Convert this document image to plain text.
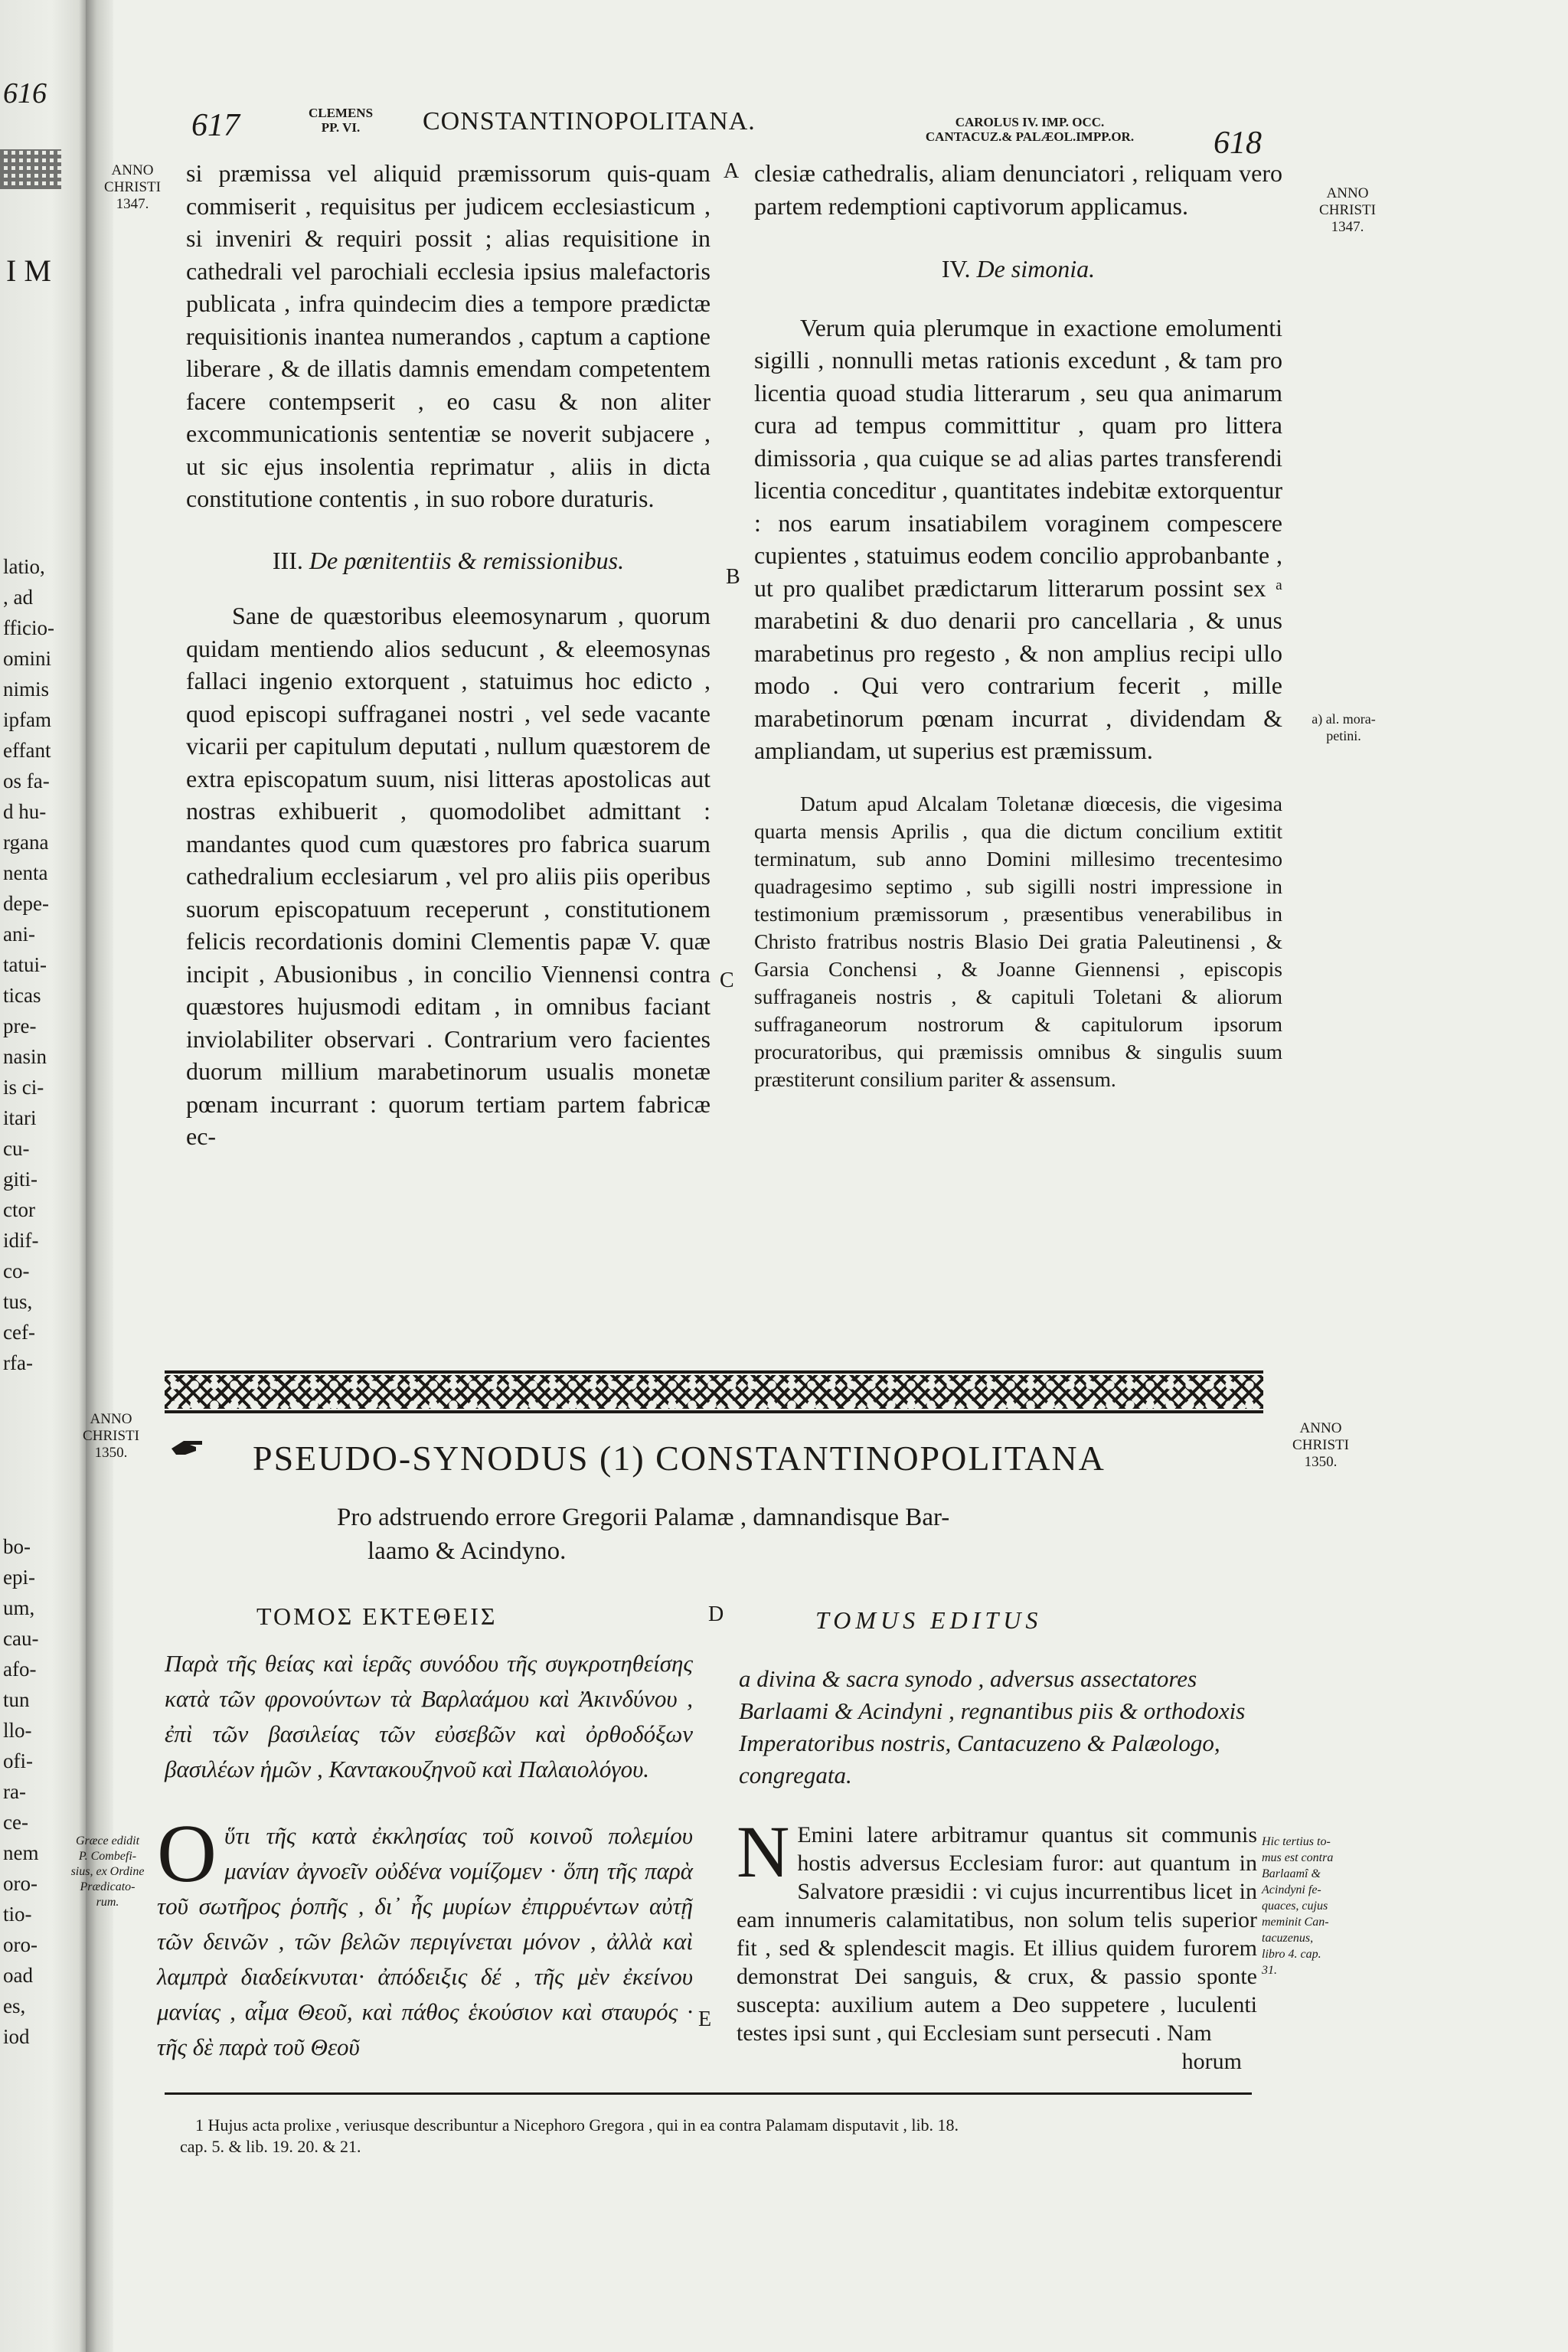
616
I M
latio,
, ad
fficio-
omini
nimis
ipfam
effant
os fa-
d hu-
rgana
nenta
depe-
ani-
tatui-
ticas
pre-
nasin
is ci-
itari
cu-
giti-
ctor
idif-
co-
tus,
cef-
rfa-
bo-
epi-
um,
cau-
afo-
tun
llo-
ofi-
ra-
ce-
nem
oro-
tio-
oro-
oad
es,
iod
617	CLEMENS
PP. VI.	CONSTANTINOPOLITANA.	CAROLUS IV. IMP. OCC.
CANTACUZ.& PALÆOL.IMPP.OR.	618
ANNO
CHRISTI
1347.
ANNO
CHRISTI
1347.
A
B
C

si præmissa vel aliquid præmissorum quis-quam commiserit , requisitus per judicem ecclesiasticum , si inveniri & requiri possit ; alias requisitione in cathedrali vel parochiali ecclesia ipsius malefactoris publicata , infra quindecim dies a tempore prædictæ requisitionis inantea numerandos , captum a captione liberare , & de illatis damnis emendam competentem facere contempserit , eo casu & non aliter excommunicationis sententiæ se noverit subjacere , ut sic ejus insolentia reprimatur , aliis in dicta constitutione contentis , in suo robore duraturis.

III. De pœnitentiis & remissionibus.

Sane de quæstoribus eleemosynarum , quorum quidam mentiendo alios seducunt , & eleemosynas fallaci ingenio extorquent , statuimus hoc edicto , quod episcopi suffraganei nostri , vel sede vacante vicarii per capitulum deputati , nullum quæstorem de extra episcopatum suum, nisi litteras apostolicas aut nostras exhibuerit , quomodolibet admittant : mandantes quod cum quæstores pro fabrica suarum cathedralium ecclesiarum , vel pro aliis piis operibus suorum episcopatuum receperunt , constitutionem felicis recordationis domini Clementis papæ V. quæ incipit , Abusionibus , in concilio Viennensi contra quæstores hujusmodi editam , in omnibus faciant inviolabiliter observari . Contrarium vero facientes duorum millium marabetinorum usualis monetæ pœnam incurrant : quorum tertiam partem fabricæ ec-

clesiæ cathedralis, aliam denunciatori , reliquam vero partem redemptioni captivorum applicamus.

IV. De simonia.

Verum quia plerumque in exactione emolumenti sigilli , nonnulli metas rationis excedunt , & tam pro licentia quoad studia litterarum , seu qua animarum cura ad tempus committitur , quam pro littera dimissoria , qua cuique se ad alias partes transferendi licentia conceditur , quantitates indebitæ extorquentur : nos earum insatiabilem voraginem compescere cupientes , statuimus eodem concilio approbanbante , ut pro qualibet prædictarum litterarum possint sex ᵃ marabetini & duo denarii pro cancellaria , & unus marabetinus pro regesto , & non amplius recipi ullo modo . Qui vero contrarium fecerit , mille marabetinorum pœnam incurrat , dividendam & ampliandam, ut superius est præmissum.

Datum apud Alcalam Toletanæ diœcesis, die vigesima quarta mensis Aprilis , qua die dictum concilium extitit terminatum, sub anno Domini millesimo trecentesimo quadragesimo septimo , sub sigilli nostri impressione in testimonium præmissorum , præsentibus venerabilibus in Christo fratribus nostris Blasio Dei gratia Paleutinensi , & Garsia Conchensi , & Joanne Giennensi , episcopis suffraganeis nostris , & capituli Toletani & aliorum suffraganeorum nostrorum & capitulorum ipsorum procuratoribus, qui præmissis omnibus & singulis suum præstiterunt consilium pariter & assensum.

a) al. mora-
petini.
ANNO
CHRISTI
1350.
ANNO
CHRISTI
1350.
PSEUDO-SYNODUS (1) CONSTANTINOPOLITANA
Pro adstruendo errore Gregorii Palamæ , damnandisque Bar-
laamo & Acindyno.
ΤΟΜΟΣ ΕΚΤΕΘΕΙΣ	D	TOMUS EDITUS
Παρὰ τῆς θείας καὶ ἱερᾶς συνόδου τῆς συγκροτηθείσης κατὰ τῶν φρονούντων τὰ Βαρλαάμου καὶ Ἀκινδύνου , ἐπὶ τῶν βασιλείας τῶν εὐσεβῶν καὶ ὀρθοδόξων βασιλέων ἡμῶν , Καντακουζηνοῦ καὶ Παλαιολόγου.
a divina & sacra synodo , adversus assectatores Barlaami & Acindyni , regnantibus piis & orthodoxis Imperatoribus nostris, Cantacuzeno & Palæologo, congregata.
Ο ὕτι τῆς κατὰ ἐκκλησίας τοῦ κοινοῦ πολεμίου μανίαν ἀγνοεῖν οὐδένα νομίζομεν · ὅπη τῆς παρὰ τοῦ σωτῆρος ῥοπῆς , δι᾽ ἧς μυρίων ἐπιρρυέντων αὐτῇ τῶν δεινῶν , τῶν βελῶν περιγίνεται μόνον , ἀλλὰ καὶ λαμπρὰ διαδείκνυται· ἀπόδειξις δέ , τῆς μὲν ἐκείνου μανίας , αἷμα Θεοῦ, καὶ πάθος ἑκούσιον καὶ σταυρός · τῆς δὲ παρὰ τοῦ Θεοῦ
Græce edidit
P. Combefi-
sius, ex Ordine
Prædicato-
rum.
E
N Emini latere arbitramur quantus sit communis hostis adversus Ecclesiam furor: aut quantum in Salvatore præsidii : vi cujus incurrentibus licet in eam innumeris calamitatibus, non solum telis superior fit , sed & splendescit magis. Et illius quidem furorem demonstrat Dei sanguis, & crux, & passio sponte suscepta: auxilium autem a Deo suppetere , luculenti testes ipsi sunt , qui Ecclesiam sunt persecuti . Nam
horum
Hic tertius to-
mus est contra
Barlaamî &
Acindyni fe-
quaces, cujus
meminit Can-
tacuzenus,
libro 4. cap.
31.
1 Hujus acta prolixe , veriusque describuntur a Nicephoro Gregora , qui in ea contra Palamam disputavit , lib. 18.
cap. 5. & lib. 19. 20. & 21.
